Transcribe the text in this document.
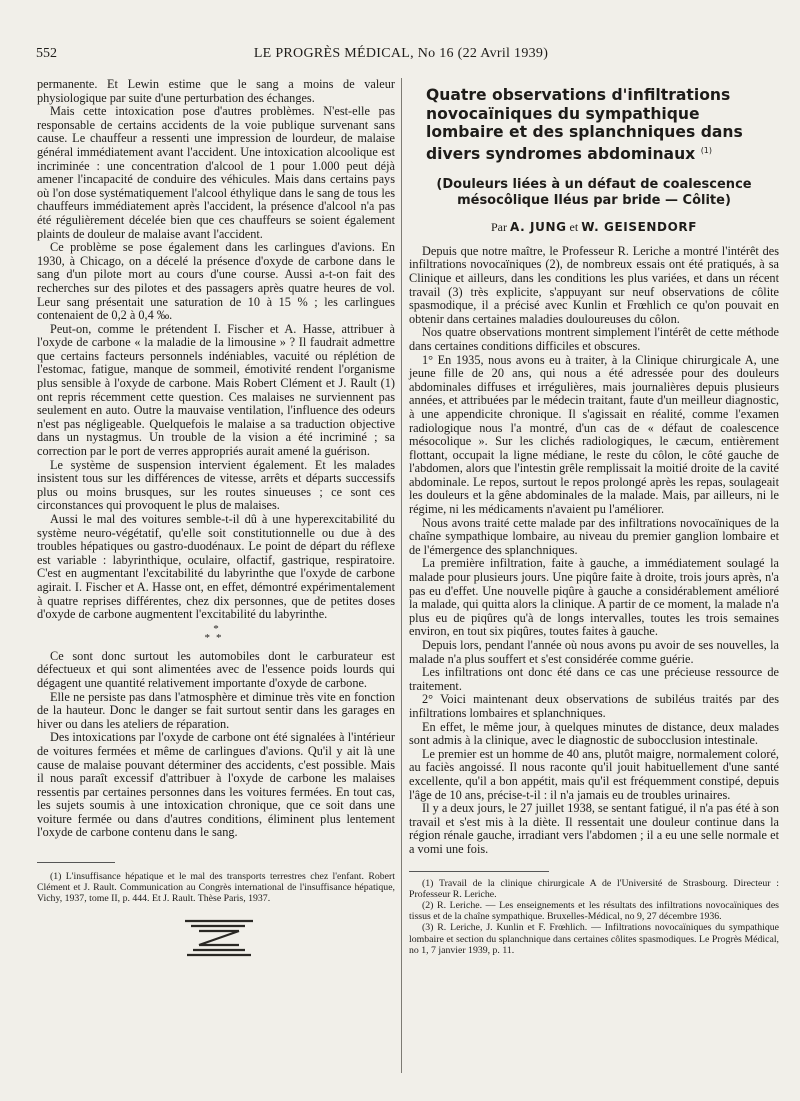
552	LE PROGRÈS MÉDICAL, No 16 (22 Avril 1939)

permanente. Et Lewin estime que le sang a moins de valeur physiologique par suite d'une perturbation des échanges.

Mais cette intoxication pose d'autres problèmes. N'est-elle pas responsable de certains accidents de la voie publique survenant sans cause. Le chauffeur a ressenti une impression de lourdeur, de malaise général immédiatement avant l'accident. Une intoxication alcoolique est incriminée : une concentration d'alcool de 1 pour 1.000 peut déjà amener l'incapacité de conduire des véhicules. Mais dans certains pays où l'on dose systématiquement l'alcool éthylique dans le sang de tous les chauffeurs immédiatement après l'accident, la présence d'alcool n'a pas été régulièrement décelée bien que ces chauffeurs se soient également plaints de douleur de malaise avant l'accident.

Ce problème se pose également dans les carlingues d'avions. En 1930, à Chicago, on a décelé la présence d'oxyde de carbone dans le sang d'un pilote mort au cours d'une course. Aussi a-t-on fait des recherches sur des pilotes et des passagers après quatre heures de vol. Leur sang présentait une saturation de 10 à 15 % ; les carlingues contenaient de 0,2 à 0,4 ‰.

Peut-on, comme le prétendent I. Fischer et A. Hasse, attribuer à l'oxyde de carbone « la maladie de la limousine » ? Il faudrait admettre que certains facteurs personnels indéniables, vacuité ou réplétion de l'estomac, fatigue, manque de sommeil, émotivité rendent l'organisme plus sensible à l'oxyde de carbone. Mais Robert Clément et J. Rault (1) ont repris récemment cette question. Ces malaises ne surviennent pas seulement en auto. Outre la mauvaise ventilation, l'influence des odeurs n'est pas négligeable. Quelquefois le malaise a sa traduction objective dans un nystagmus. Un trouble de la vision a été incriminé ; sa correction par le port de verres appropriés aurait amené la guérison.

Le système de suspension intervient également. Et les malades insistent tous sur les différences de vitesse, arrêts et départs successifs plus ou moins brusques, sur les routes sinueuses ; ce sont ces circonstances qui provoquent le plus de malaises.

Aussi le mal des voitures semble-t-il dû à une hyperexcitabilité du système neuro-végétatif, qu'elle soit constitutionnelle ou due à des troubles hépatiques ou gastro-duodénaux. Le point de départ du réflexe est variable : labyrinthique, oculaire, olfactif, gastrique, respiratoire. C'est en augmentant l'excitabilité du labyrinthe que l'oxyde de carbone agirait. I. Fischer et A. Hasse ont, en effet, démontré expérimentalement à quatre reprises différentes, chez dix personnes, que de petites doses d'oxyde de carbone augmentent l'excitabilité du labyrinthe.

*
**

Ce sont donc surtout les automobiles dont le carburateur est défectueux et qui sont alimentées avec de l'essence poids lourds qui dégagent une quantité relativement importante d'oxyde de carbone.

Elle ne persiste pas dans l'atmosphère et diminue très vite en fonction de la hauteur. Donc le danger se fait surtout sentir dans les garages en hiver ou dans les ateliers de réparation.

Des intoxications par l'oxyde de carbone ont été signalées à l'intérieur de voitures fermées et même de carlingues d'avions. Qu'il y ait là une cause de malaise pouvant déterminer des accidents, c'est possible. Mais il nous paraît excessif d'attribuer à l'oxyde de carbone les malaises ressentis par certaines personnes dans les voitures fermées. En tout cas, les sujets soumis à une intoxication chronique, que ce soit dans une voiture fermée ou dans d'autres conditions, éliminent plus lentement l'oxyde de carbone contenu dans le sang.

(1) L'insuffisance hépatique et le mal des transports terrestres chez l'enfant. Robert Clément et J. Rault. Communication au Congrès international de l'insuffisance hépatique, Vichy, 1937, tome II, p. 444. Et J. Rault. Thèse Paris, 1937.

Quatre observations d'infiltrations novocaïniques du sympathique lombaire et des splanchniques dans divers syndromes abdominaux $^{(1)}$
(Douleurs liées à un défaut de coalescence mésocôlique Iléus par bride — Côlite)
Par A. JUNG et W. GEISENDORF

Depuis que notre maître, le Professeur R. Leriche a montré l'intérêt des infiltrations novocaïniques (2), de nombreux essais ont été pratiqués, à sa Clinique et ailleurs, dans les conditions les plus variées, et dans un récent travail (3) très explicite, s'appuyant sur neuf observations de côlite spasmodique, il a précisé avec Kunlin et Frœhlich ce qu'on pouvait en obtenir dans certaines maladies douloureuses du côlon.

Nos quatre observations montrent simplement l'intérêt de cette méthode dans certaines conditions difficiles et obscures.

1° En 1935, nous avons eu à traiter, à la Clinique chirurgicale A, une jeune fille de 20 ans, qui nous a été adressée pour des douleurs abdominales diffuses et irrégulières, mais journalières depuis plusieurs années, et attribuées par le médecin traitant, faute d'un meilleur diagnostic, à une appendicite chronique. Il s'agissait en réalité, comme l'examen radiologique nous l'a montré, d'un cas de « défaut de coalescence mésocolique ». Sur les clichés radiologiques, le cæcum, entièrement flottant, occupait la ligne médiane, le reste du côlon, le côté gauche de l'abdomen, alors que l'intestin grêle remplissait la moitié droite de la cavité abdominale. Le repos, surtout le repos prolongé après les repas, soulageait les douleurs et la gêne abdominales de la malade. Mais, par ailleurs, ni le régime, ni les médicaments n'avaient pu l'améliorer.

Nous avons traité cette malade par des infiltrations novocaïniques de la chaîne sympathique lombaire, au niveau du premier ganglion lombaire et de l'émergence des splanchniques.

La première infiltration, faite à gauche, a immédiatement soulagé la malade pour plusieurs jours. Une piqûre faite à droite, trois jours après, n'a pas eu d'effet. Une nouvelle piqûre à gauche a considérablement amélioré la malade, qui quitta alors la clinique. A partir de ce moment, la malade n'a plus eu de piqûres qu'à de longs intervalles, toutes les trois semaines environ, en tout six piqûres, toutes faites à gauche.

Depuis lors, pendant l'année où nous avons pu avoir de ses nouvelles, la malade n'a plus souffert et s'est considérée comme guérie.

Les infiltrations ont donc été dans ce cas une précieuse ressource de traitement.

2° Voici maintenant deux observations de subiléus traités par des infiltrations lombaires et splanchniques.

En effet, le même jour, à quelques minutes de distance, deux malades sont admis à la clinique, avec le diagnostic de subocclusion intestinale.

Le premier est un homme de 40 ans, plutôt maigre, normalement coloré, au faciès angoissé. Il nous raconte qu'il jouit habituellement d'une santé excellente, qu'il a bon appétit, mais qu'il est fréquemment constipé, depuis l'âge de 10 ans, précise-t-il : il n'a jamais eu de troubles urinaires.

Il y a deux jours, le 27 juillet 1938, se sentant fatigué, il n'a pas été à son travail et s'est mis à la diète. Il ressentait une douleur continue dans la région rénale gauche, irradiant vers l'abdomen ; il a eu une selle normale et a vomi une fois.

(1) Travail de la clinique chirurgicale A de l'Université de Strasbourg. Directeur : Professeur R. Leriche.

(2) R. Leriche. — Les enseignements et les résultats des infiltrations novocaïniques des tissus et de la chaîne sympathique. Bruxelles-Médical, no 9, 27 décembre 1936.

(3) R. Leriche, J. Kunlin et F. Frœhlich. — Infiltrations novocaïniques du sympathique lombaire et section du splanchnique dans certaines côlites spasmodiques. Le Progrès Médical, no 1, 7 janvier 1939, p. 11.
